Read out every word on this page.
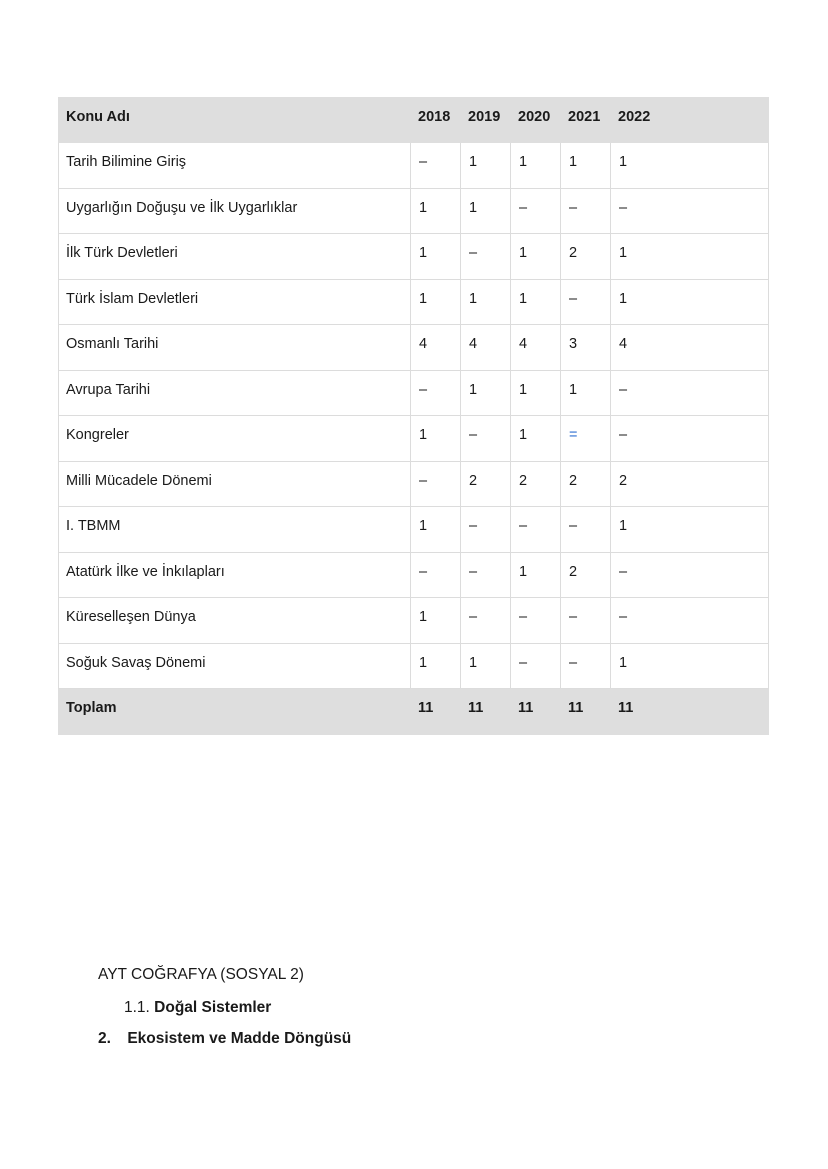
Konu Adı	2018	2019	2020	2021	2022
Tarih Bilimine Giriş	–	1	1	1	1
Uygarlığın Doğuşu ve İlk Uygarlıklar	1	1	–	–	–
İlk Türk Devletleri	1	–	1	2	1
Türk İslam Devletleri	1	1	1	–	1
Osmanlı Tarihi	4	4	4	3	4
Avrupa Tarihi	–	1	1	1	–
Kongreler	1	–	1	=	–
Milli Mücadele Dönemi	–	2	2	2	2
I. TBMM	1	–	–	–	1
Atatürk İlke ve İnkılapları	–	–	1	2	–
Küreselleşen Dünya	1	–	–	–	–
Soğuk Savaş Dönemi	1	1	–	–	1
Toplam	11	11	11	11	11
AYT COĞRAFYA (SOSYAL 2)
1.1. Doğal Sistemler
2. Ekosistem ve Madde Döngüsü
